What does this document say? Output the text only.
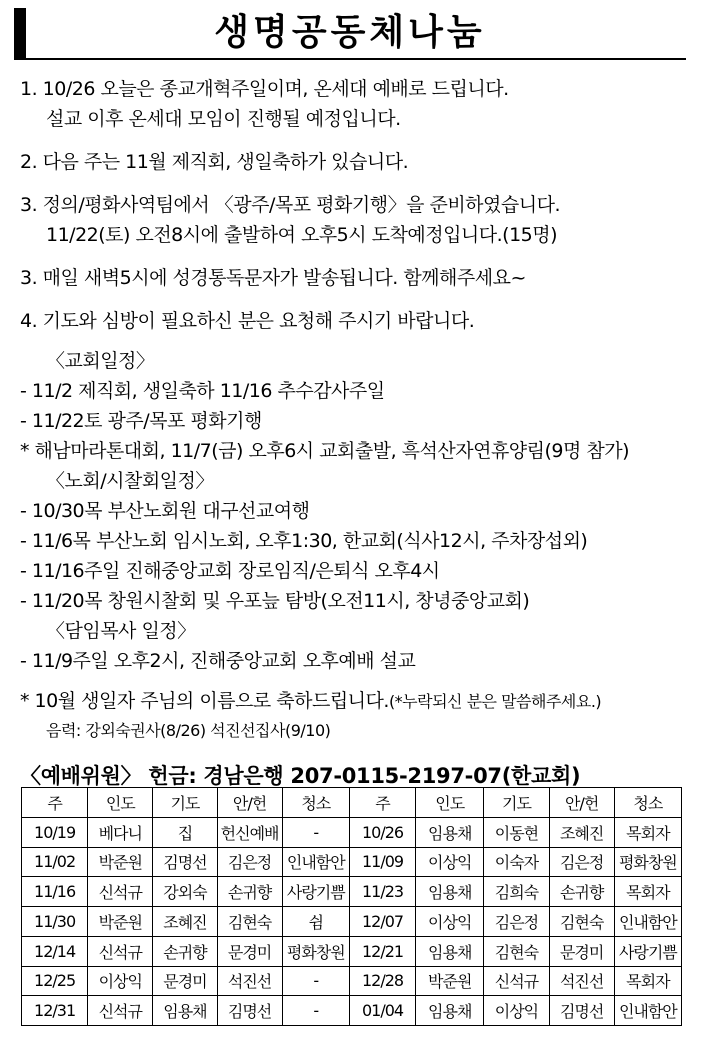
생명공동체나눔
1. 10/26 오늘은 종교개혁주일이며, 온세대 예배로 드립니다.
설교 이후 온세대 모임이 진행될 예정입니다.
2. 다음 주는 11월 제직회, 생일축하가 있습니다.
3. 정의/평화사역팀에서 〈광주/목포 평화기행〉을 준비하였습니다.
11/22(토) 오전8시에 출발하여 오후5시 도착예정입니다.(15명)
3. 매일 새벽5시에 성경통독문자가 발송됩니다. 함께해주세요~
4. 기도와 심방이 필요하신 분은 요청해 주시기 바랍니다.
〈교회일정〉
- 11/2 제직회, 생일축하 11/16 추수감사주일
- 11/22토 광주/목포 평화기행
* 해남마라톤대회, 11/7(금) 오후6시 교회출발, 흑석산자연휴양림(9명 참가)
〈노회/시찰회일정〉
- 10/30목 부산노회원 대구선교여행
- 11/6목 부산노회 임시노회, 오후1:30, 한교회(식사12시, 주차장섭외)
- 11/16주일 진해중앙교회 장로임직/은퇴식 오후4시
- 11/20목 창원시찰회 및 우포늪 탐방(오전11시, 창녕중앙교회)
〈담임목사 일정〉
- 11/9주일 오후2시, 진해중앙교회 오후예배 설교
* 10월 생일자 주님의 이름으로 축하드립니다.(*누락되신 분은 말씀해주세요.)
음력: 강외숙권사(8/26) 석진선집사(9/10)
〈예배위원〉 헌금: 경남은행 207-0115-2197-07(한교회)
주	인도	기도	안/헌	청소	주	인도	기도	안/헌	청소
10/19	베다니	집	헌신예배	-	10/26	임용채	이동현	조혜진	목회자
11/02	박준원	김명선	김은정	인내함안	11/09	이상익	이숙자	김은정	평화창원
11/16	신석규	강외숙	손귀향	사랑기쁨	11/23	임용채	김희숙	손귀향	목회자
11/30	박준원	조혜진	김현숙	쉼	12/07	이상익	김은정	김현숙	인내함안
12/14	신석규	손귀향	문경미	평화창원	12/21	임용채	김현숙	문경미	사랑기쁨
12/25	이상익	문경미	석진선	-	12/28	박준원	신석규	석진선	목회자
12/31	신석규	임용채	김명선	-	01/04	임용채	이상익	김명선	인내함안
